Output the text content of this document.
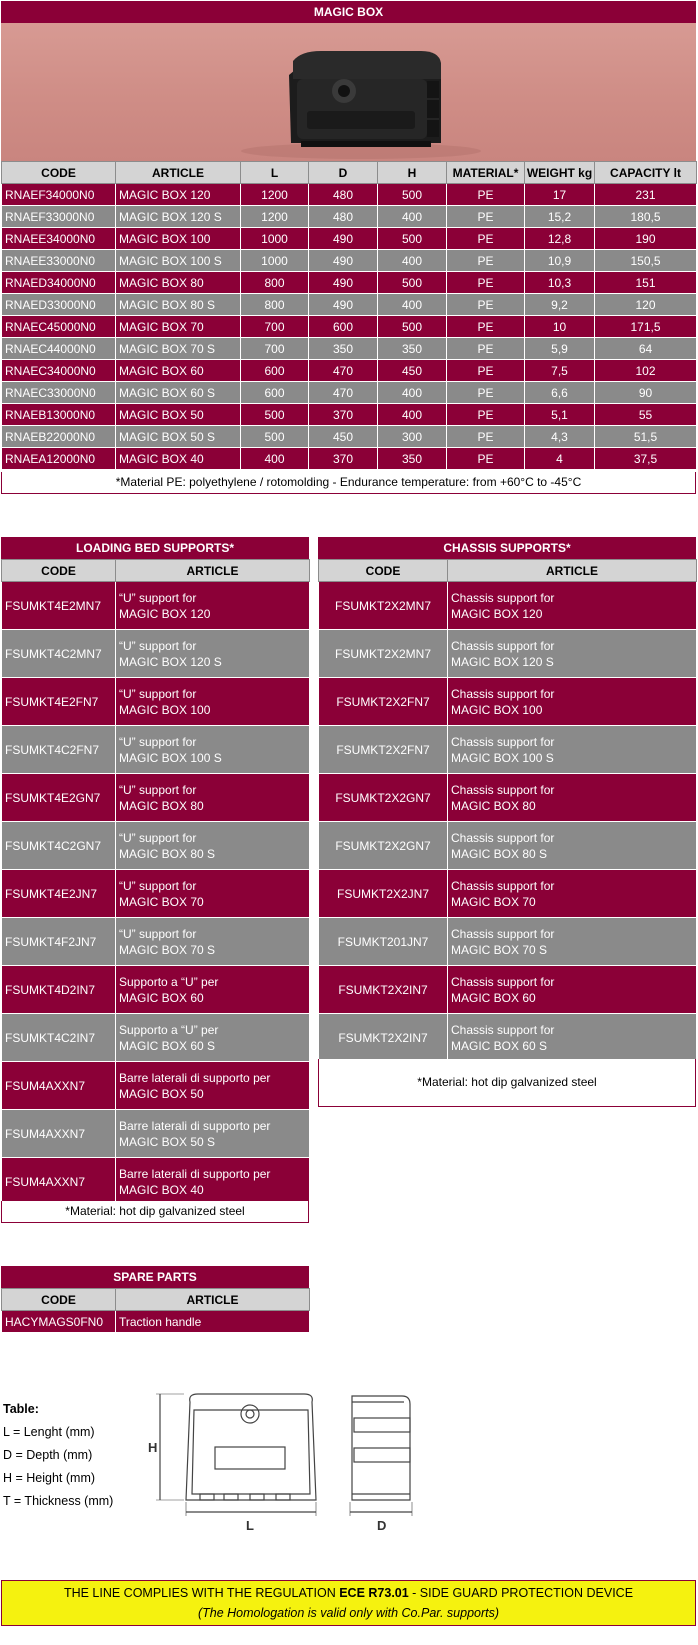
MAGIC BOX
CODE	ARTICLE	L	D	H	MATERIAL*	WEIGHT kg	CAPACITY lt
RNAEF34000N0	MAGIC BOX 120	1200	480	500	PE	17	231
RNAEF33000N0	MAGIC BOX 120 S	1200	480	400	PE	15,2	180,5
RNAEE34000N0	MAGIC BOX 100	1000	490	500	PE	12,8	190
RNAEE33000N0	MAGIC BOX 100 S	1000	490	400	PE	10,9	150,5
RNAED34000N0	MAGIC BOX 80	800	490	500	PE	10,3	151
RNAED33000N0	MAGIC BOX 80 S	800	490	400	PE	9,2	120
RNAEC45000N0	MAGIC BOX 70	700	600	500	PE	10	171,5
RNAEC44000N0	MAGIC BOX 70 S	700	350	350	PE	5,9	64
RNAEC34000N0	MAGIC BOX 60	600	470	450	PE	7,5	102
RNAEC33000N0	MAGIC BOX 60 S	600	470	400	PE	6,6	90
RNAEB13000N0	MAGIC BOX 50	500	370	400	PE	5,1	55
RNAEB22000N0	MAGIC BOX 50 S	500	450	300	PE	4,3	51,5
RNAEA12000N0	MAGIC BOX 40	400	370	350	PE	4	37,5
*Material PE: polyethylene / rotomolding - Endurance temperature: from +60°C to -45°C
LOADING BED SUPPORTS*
CODE	ARTICLE
FSUMKT4E2MN7	“U” support for
MAGIC BOX 120
FSUMKT4C2MN7	“U” support for
MAGIC BOX 120 S
FSUMKT4E2FN7	“U” support for
MAGIC BOX 100
FSUMKT4C2FN7	“U” support for
MAGIC BOX 100 S
FSUMKT4E2GN7	“U” support for
MAGIC BOX 80
FSUMKT4C2GN7	“U” support for
MAGIC BOX 80 S
FSUMKT4E2JN7	“U” support for
MAGIC BOX 70
FSUMKT4F2JN7	“U” support for
MAGIC BOX 70 S
FSUMKT4D2IN7	Supporto a “U” per
MAGIC BOX 60
FSUMKT4C2IN7	Supporto a “U” per
MAGIC BOX 60 S
FSUM4AXXN7	Barre laterali di supporto per
MAGIC BOX 50
FSUM4AXXN7	Barre laterali di supporto per
MAGIC BOX 50 S
FSUM4AXXN7	Barre laterali di supporto per
MAGIC BOX 40
*Material: hot dip galvanized steel
CHASSIS SUPPORTS*
CODE	ARTICLE
FSUMKT2X2MN7	Chassis support for
MAGIC BOX 120
FSUMKT2X2MN7	Chassis support for
MAGIC BOX 120 S
FSUMKT2X2FN7	Chassis support for
MAGIC BOX 100
FSUMKT2X2FN7	Chassis support for
MAGIC BOX 100 S
FSUMKT2X2GN7	Chassis support for
MAGIC BOX 80
FSUMKT2X2GN7	Chassis support for
MAGIC BOX 80 S
FSUMKT2X2JN7	Chassis support for
MAGIC BOX 70
FSUMKT201JN7	Chassis support for
MAGIC BOX 70 S
FSUMKT2X2IN7	Chassis support for
MAGIC BOX 60
FSUMKT2X2IN7	Chassis support for
MAGIC BOX 60 S
*Material: hot dip galvanized steel
SPARE PARTS
CODE	ARTICLE
HACYMAGS0FN0	Traction handle
Table:
L = Lenght (mm)
D = Depth (mm)
H = Height (mm)
T = Thickness (mm)
H
L	D
THE LINE COMPLIES WITH THE REGULATION ECE R73.01 - SIDE GUARD PROTECTION DEVICE
(The Homologation is valid only with Co.Par. supports)
